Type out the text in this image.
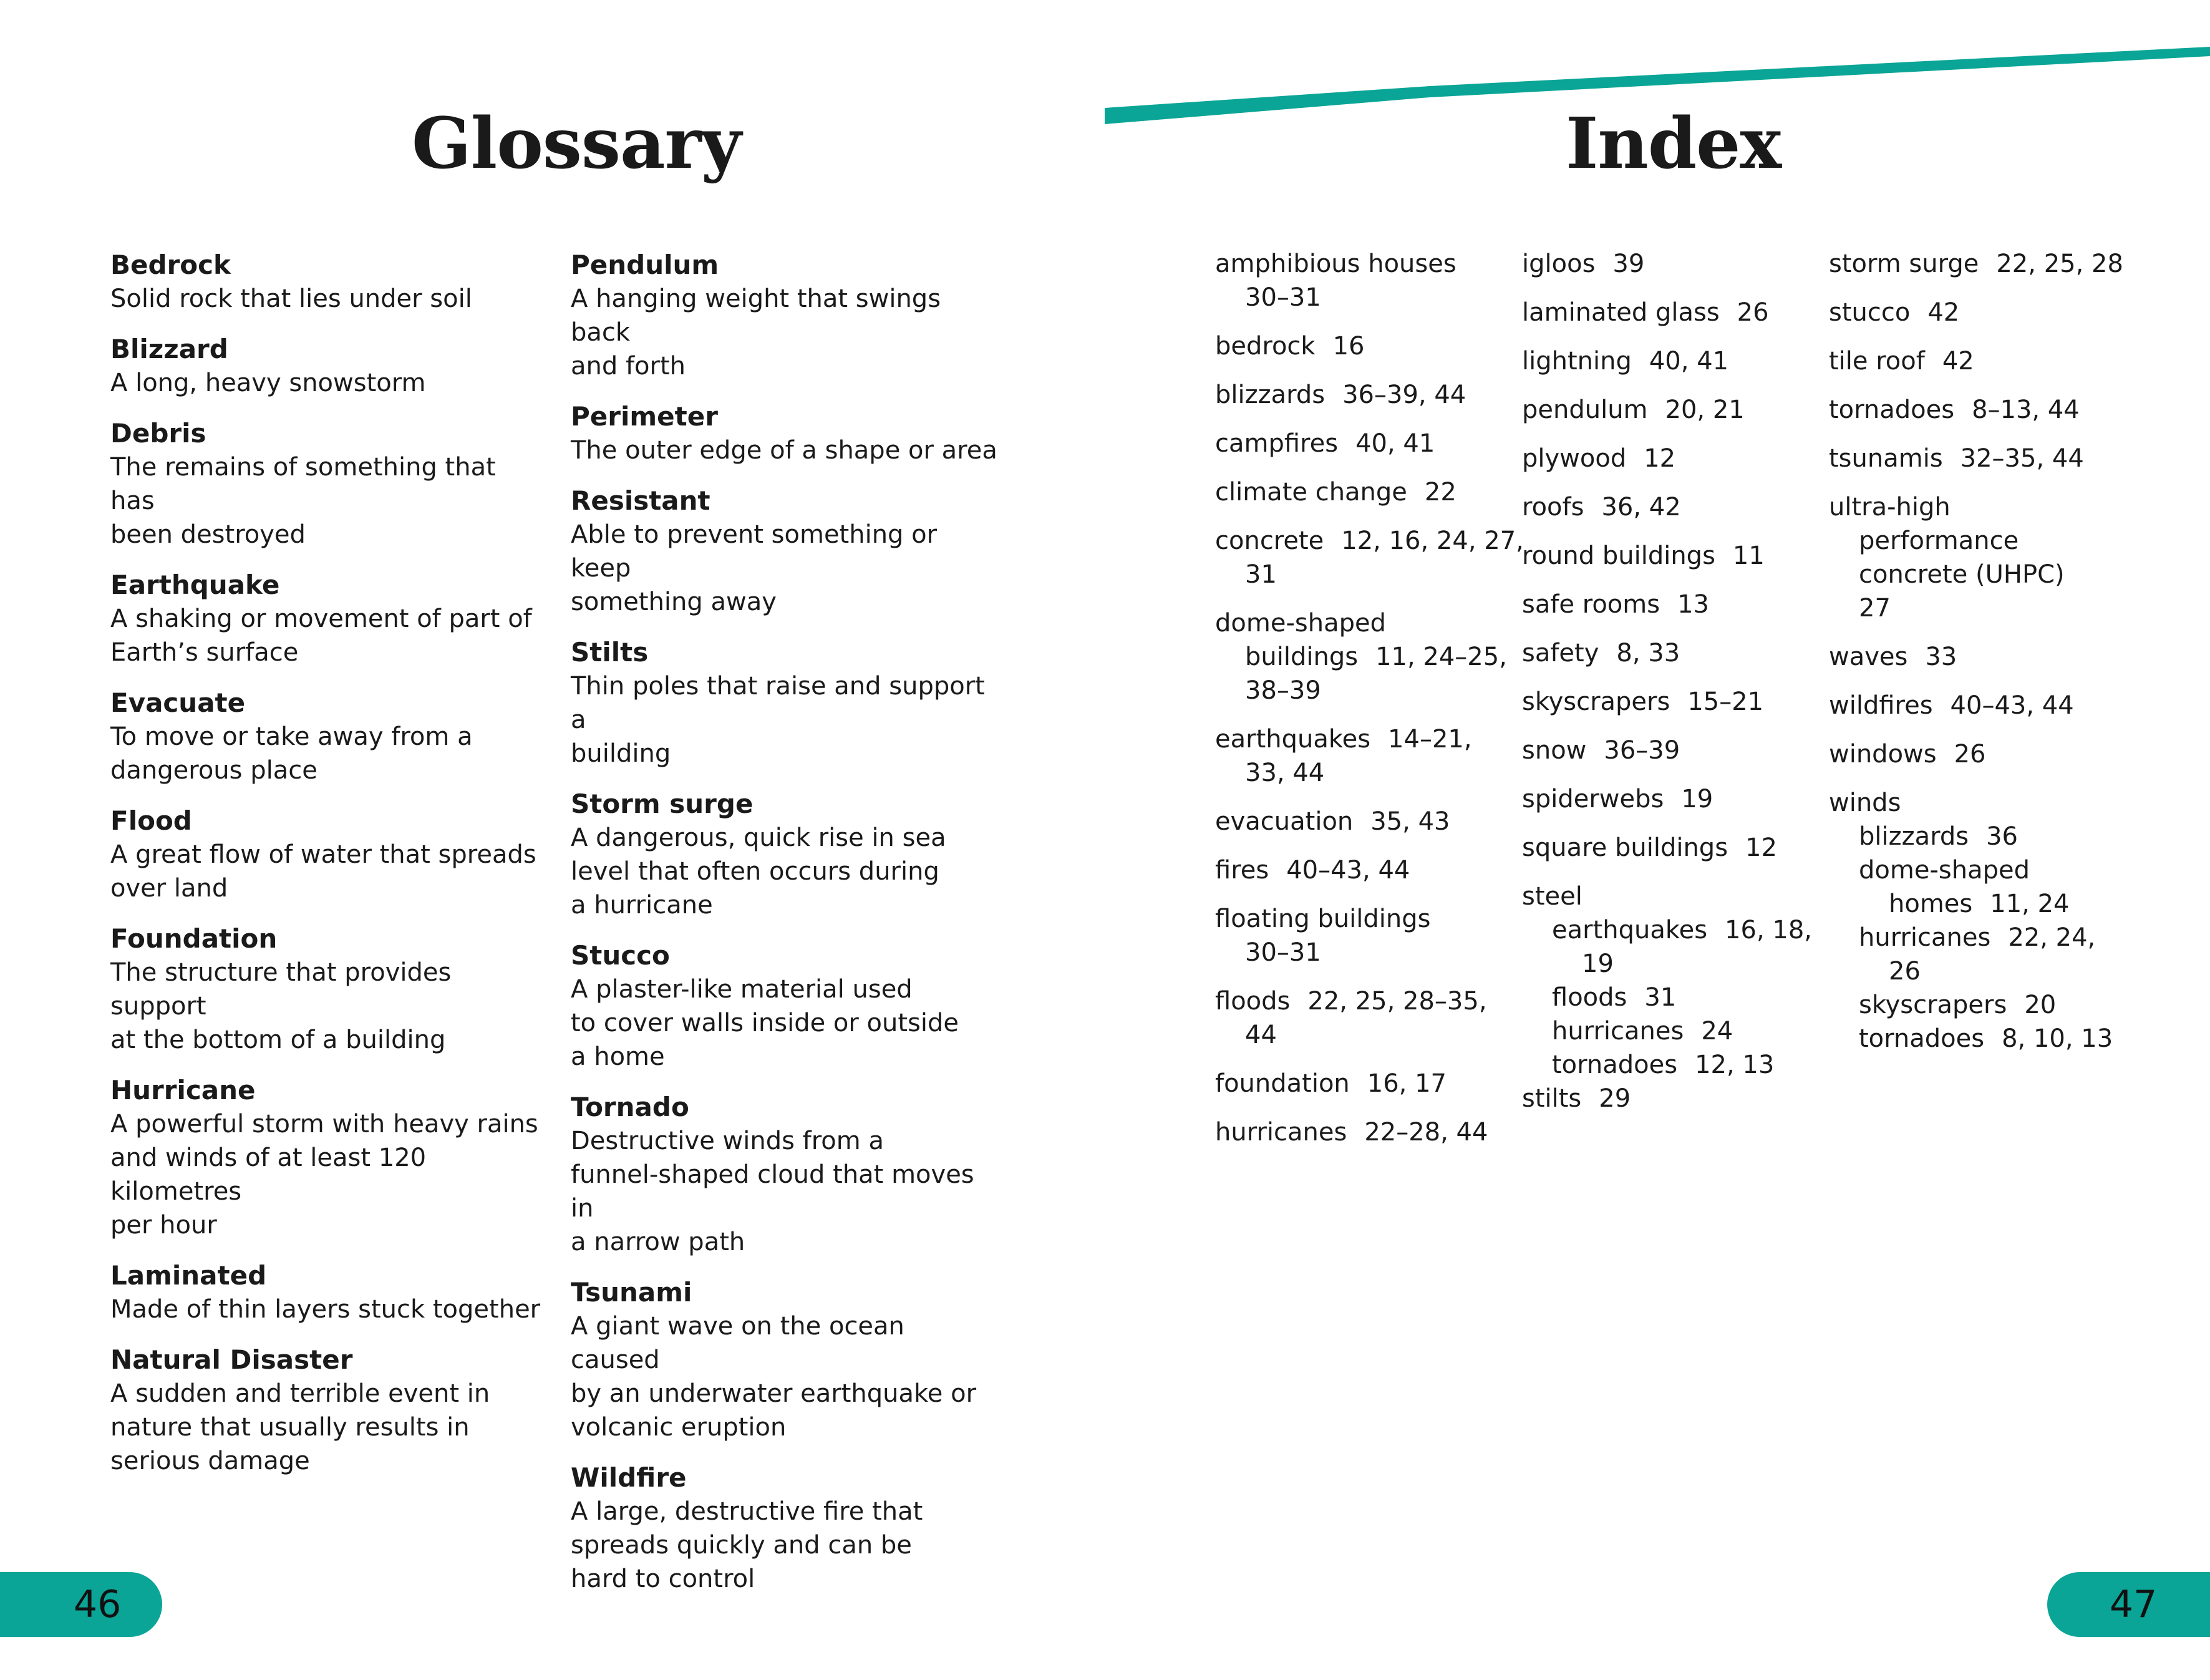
Glossary	Index
Bedrock
Solid rock that lies under soil
Blizzard
A long, heavy snowstorm
Debris
The remains of something that has
been destroyed
Earthquake
A shaking or movement of part of
Earth’s surface
Evacuate
To move or take away from a
dangerous place
Flood
A great flow of water that spreads
over land
Foundation
The structure that provides support
at the bottom of a building
Hurricane
A powerful storm with heavy rains
and winds of at least 120 kilometres
per hour
Laminated
Made of thin layers stuck together
Natural Disaster
A sudden and terrible event in
nature that usually results in
serious damage
Pendulum
A hanging weight that swings back
and forth
Perimeter
The outer edge of a shape or area
Resistant
Able to prevent something or keep
something away
Stilts
Thin poles that raise and support a
building
Storm surge
A dangerous, quick rise in sea
level that often occurs during
a hurricane
Stucco
A plaster-like material used
to cover walls inside or outside
a home
Tornado
Destructive winds from a
funnel-shaped cloud that moves in
a narrow path
Tsunami
A giant wave on the ocean caused
by an underwater earthquake or
volcanic eruption
Wildfire
A large, destructive fire that
spreads quickly and can be
hard to control
amphibious houses
30–31
bedrock 16
blizzards 36–39, 44
campfires 40, 41
climate change 22
concrete 12, 16, 24, 27,
31
dome-shaped
buildings 11, 24–25,
38–39
earthquakes 14–21,
33, 44
evacuation 35, 43
fires 40–43, 44
floating buildings
30–31
floods 22, 25, 28–35,
44
foundation 16, 17
hurricanes 22–28, 44
igloos 39
laminated glass 26
lightning 40, 41
pendulum 20, 21
plywood 12
roofs 36, 42
round buildings 11
safe rooms 13
safety 8, 33
skyscrapers 15–21
snow 36–39
spiderwebs 19
square buildings 12
steel
earthquakes 16, 18,
19
floods 31
hurricanes 24
tornadoes 12, 13
stilts 29
storm surge 22, 25, 28
stucco 42
tile roof 42
tornadoes 8–13, 44
tsunamis 32–35, 44
ultra-high
performance
concrete (UHPC)
27
waves 33
wildfires 40–43, 44
windows 26
winds
blizzards 36
dome-shaped
homes 11, 24
hurricanes 22, 24,
26
skyscrapers 20
tornadoes 8, 10, 13
46	47
